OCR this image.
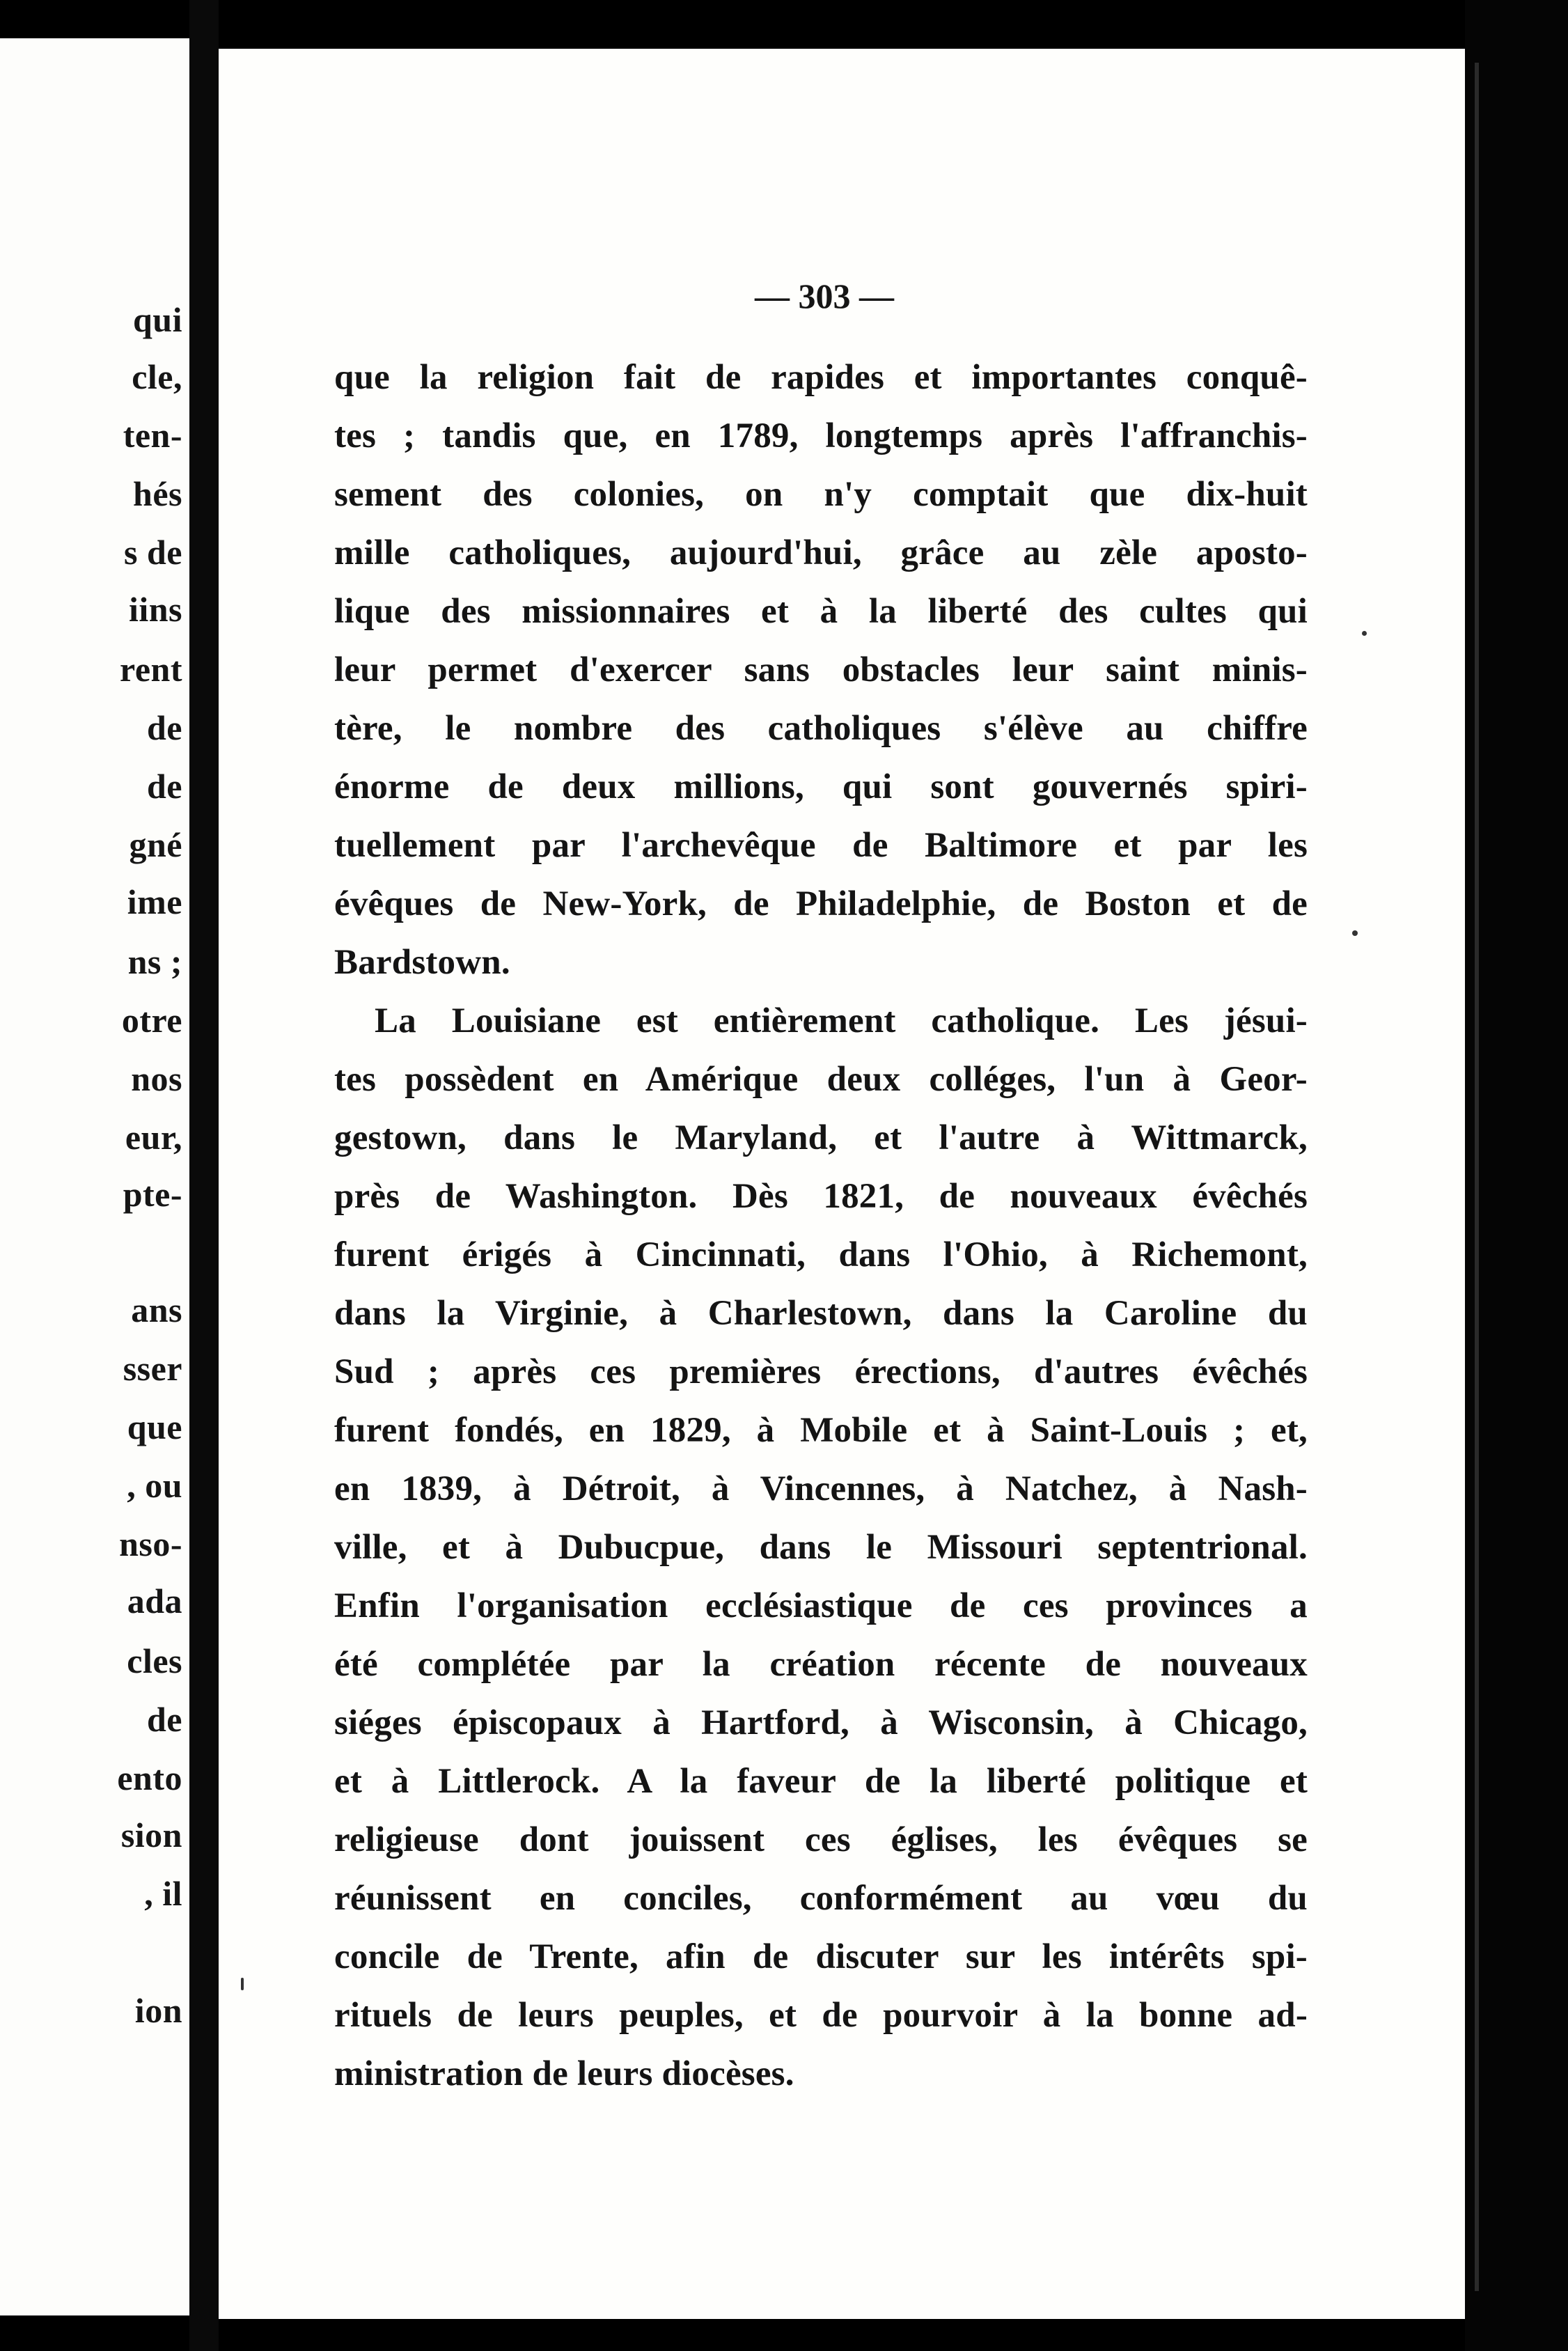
qui
cle,
ten-
hés
s de
iins
rent
de
de
gné
ime
ns ;
otre
nos
eur,
pte-
ans
sser
que
, ou
nso-
ada
cles
de
ento
sion
, il
ion
— 303 —
que la religion fait de rapides et importantes conquê-
tes ; tandis que, en 1789, longtemps après l'affranchis-
sement des colonies, on n'y comptait que dix-huit
mille catholiques, aujourd'hui, grâce au zèle aposto-
lique des missionnaires et à la liberté des cultes qui
leur permet d'exercer sans obstacles leur saint minis-
tère, le nombre des catholiques s'élève au chiffre
énorme de deux millions, qui sont gouvernés spiri-
tuellement par l'archevêque de Baltimore et par les
évêques de New-York, de Philadelphie, de Boston et de
Bardstown.
La Louisiane est entièrement catholique. Les jésui-
tes possèdent en Amérique deux colléges, l'un à Geor-
gestown, dans le Maryland, et l'autre à Wittmarck,
près de Washington. Dès 1821, de nouveaux évêchés
furent érigés à Cincinnati, dans l'Ohio, à Richemont,
dans la Virginie, à Charlestown, dans la Caroline du
Sud ; après ces premières érections, d'autres évêchés
furent fondés, en 1829, à Mobile et à Saint-Louis ; et,
en 1839, à Détroit, à Vincennes, à Natchez, à Nash-
ville, et à Dubucpue, dans le Missouri septentrional.
Enfin l'organisation ecclésiastique de ces provinces a
été complétée par la création récente de nouveaux
siéges épiscopaux à Hartford, à Wisconsin, à Chicago,
et à Littlerock. A la faveur de la liberté politique et
religieuse dont jouissent ces églises, les évêques se
réunissent en conciles, conformément au vœu du
concile de Trente, afin de discuter sur les intérêts spi-
rituels de leurs peuples, et de pourvoir à la bonne ad-
ministration de leurs diocèses.
